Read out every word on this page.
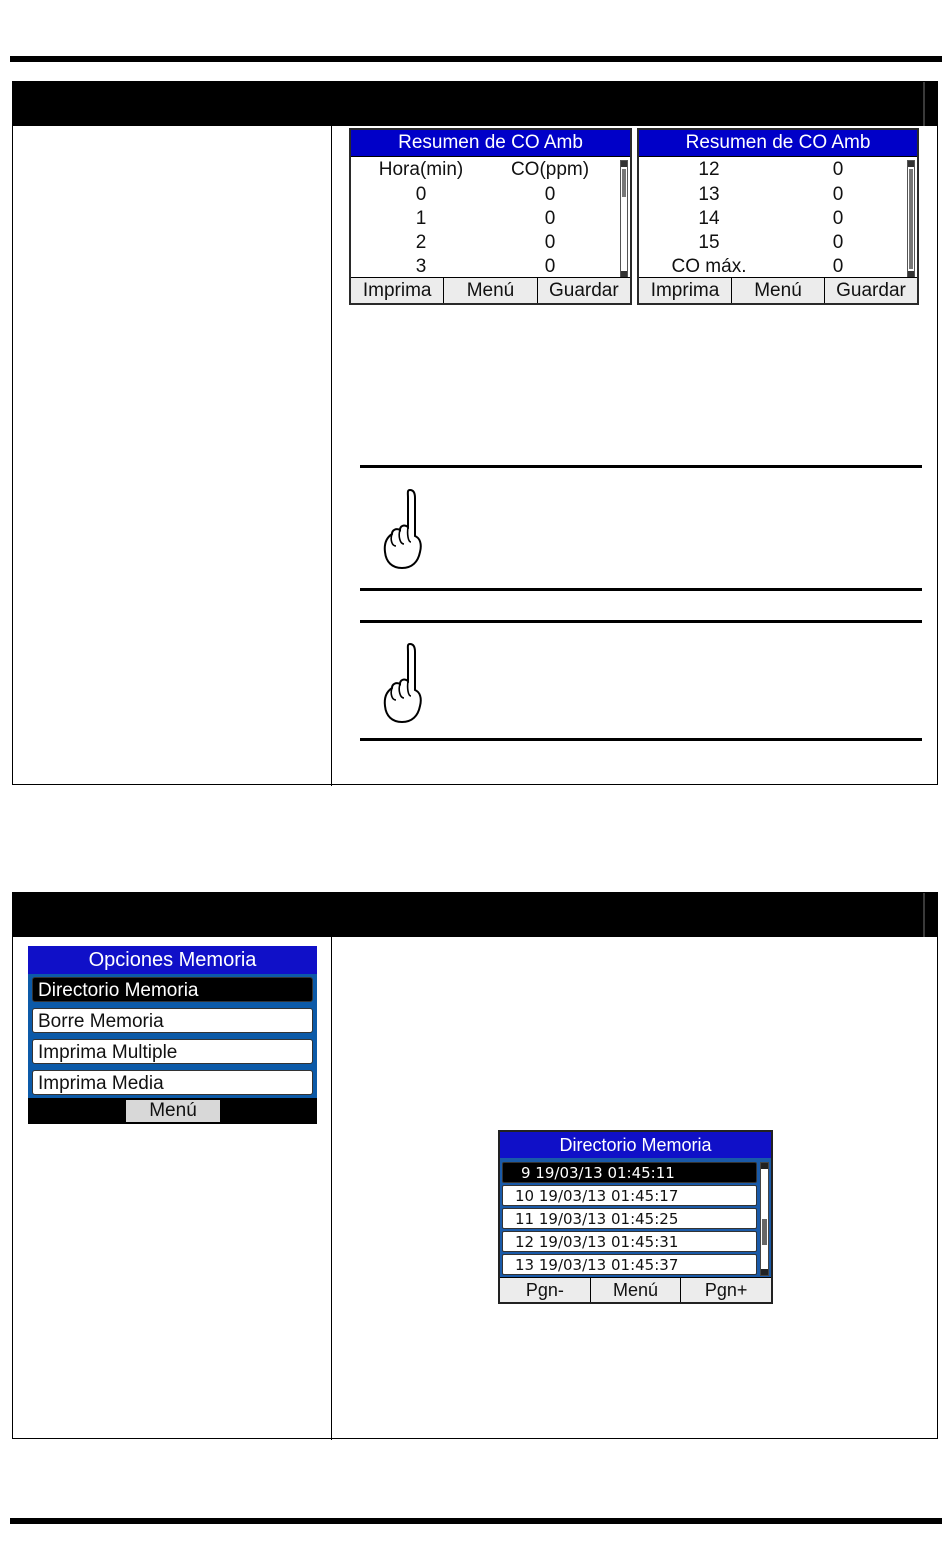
Resumen de CO Amb
Hora(min)	CO(ppm)
0	0
1	0
2	0
3	0
Imprima	Menú	Guardar
Resumen de CO Amb
12	0
13	0
14	0
15	0
CO máx.	0
Imprima	Menú	Guardar
Opciones Memoria
Directorio Memoria
Borre Memoria
Imprima Multiple
Imprima Media
Menú
Directorio Memoria
9 19/03/13 01:45:11
10 19/03/13 01:45:17
11 19/03/13 01:45:25
12 19/03/13 01:45:31
13 19/03/13 01:45:37
Pgn-	Menú	Pgn+
